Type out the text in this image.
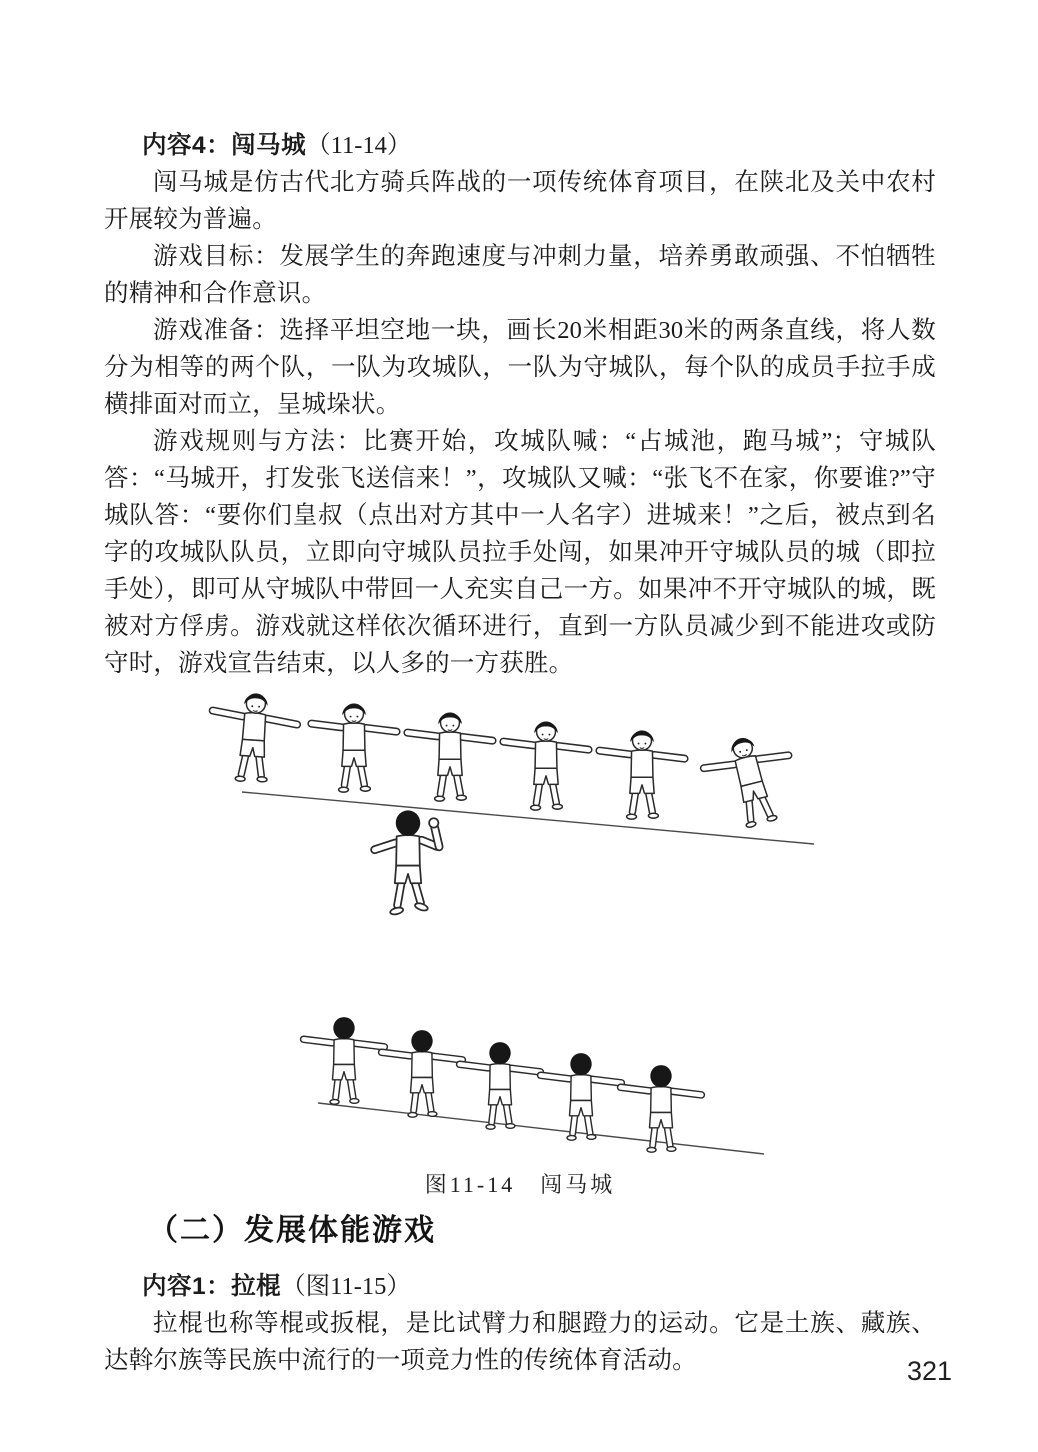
内容4：闯马城（11-14）

闯马城是仿古代北方骑兵阵战的一项传统体育项目，在陕北及关中农村开展较为普遍。

游戏目标：发展学生的奔跑速度与冲刺力量，培养勇敢顽强、不怕牺牲的精神和合作意识。

游戏准备：选择平坦空地一块，画长20米相距30米的两条直线，将人数分为相等的两个队，一队为攻城队，一队为守城队，每个队的成员手拉手成横排面对而立，呈城垛状。

游戏规则与方法：比赛开始，攻城队喊：“占城池，跑马城”；守城队答：“马城开，打发张飞送信来！”，攻城队又喊：“张飞不在家，你要谁?”守城队答：“要你们皇叔（点出对方其中一人名字）进城来！”之后，被点到名字的攻城队队员，立即向守城队员拉手处闯，如果冲开守城队员的城（即拉手处），即可从守城队中带回一人充实自己一方。如果冲不开守城队的城，既被对方俘虏。游戏就这样依次循环进行，直到一方队员减少到不能进攻或防守时，游戏宣告结束，以人多的一方获胜。

图11-14　闯马城
（二）发展体能游戏
内容1：拉棍（图11-15）

拉棍也称等棍或扳棍，是比试臂力和腿蹬力的运动。它是土族、藏族、达斡尔族等民族中流行的一项竞力性的传统体育活动。	321
